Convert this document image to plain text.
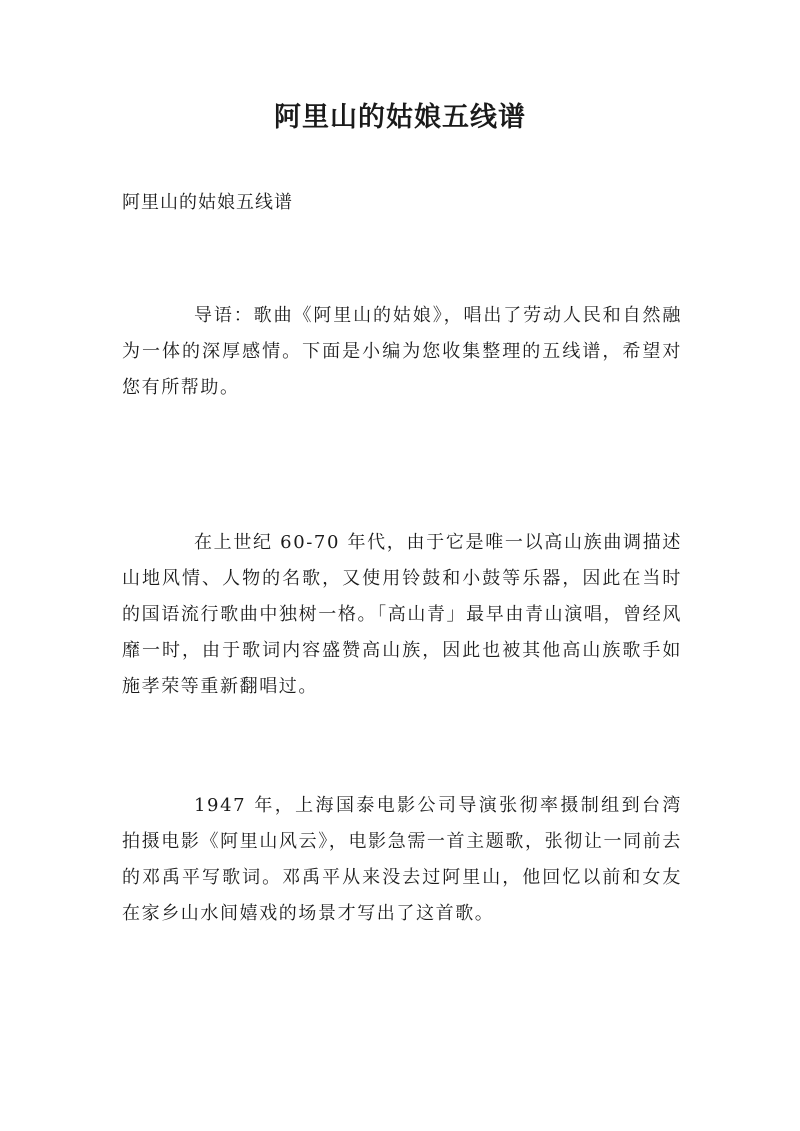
阿里山的姑娘五线谱

阿里山的姑娘五线谱

导语：歌曲《阿里山的姑娘》，唱出了劳动人民和自然融为一体的深厚感情。下面是小编为您收集整理的五线谱，希望对您有所帮助。

在上世纪 60-70 年代，由于它是唯一以高山族曲调描述山地风情、人物的名歌，又使用铃鼓和小鼓等乐器，因此在当时的国语流行歌曲中独树一格。「高山青」最早由青山演唱，曾经风靡一时，由于歌词内容盛赞高山族，因此也被其他高山族歌手如施孝荣等重新翻唱过。

1947 年，上海国泰电影公司导演张彻率摄制组到台湾拍摄电影《阿里山风云》，电影急需一首主题歌，张彻让一同前去的邓禹平写歌词。邓禹平从来没去过阿里山，他回忆以前和女友在家乡山水间嬉戏的场景才写出了这首歌。
